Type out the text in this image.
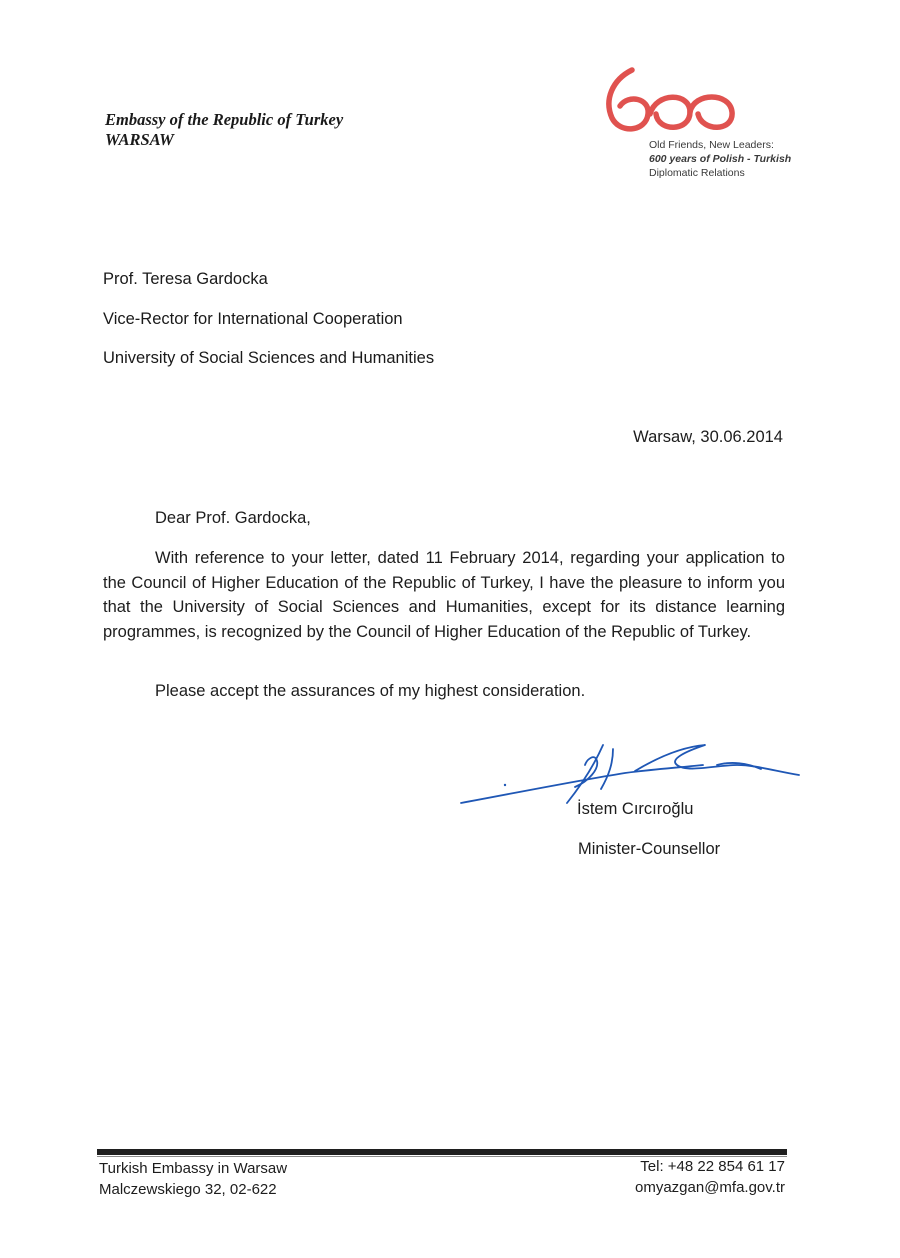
Embassy of the Republic of Turkey
WARSAW	Old Friends, New Leaders:
600 years of Polish - Turkish
Diplomatic Relations
Prof. Teresa Gardocka
Vice-Rector for International Cooperation
University of Social Sciences and Humanities
Warsaw, 30.06.2014
Dear Prof. Gardocka,

With reference to your letter, dated 11 February 2014, regarding your application to the Council of Higher Education of the Republic of Turkey, I have the pleasure to inform you that the University of Social Sciences and Humanities, except for its distance learning programmes, is recognized by the Council of Higher Education of the Republic of Turkey.

Please accept the assurances of my highest consideration.
İstem Cırcıroğlu
Minister-Counsellor
Turkish Embassy in Warsaw
Malczewskiego 32, 02-622
Tel: +48 22 854 61 17
omyazgan@mfa.gov.tr
